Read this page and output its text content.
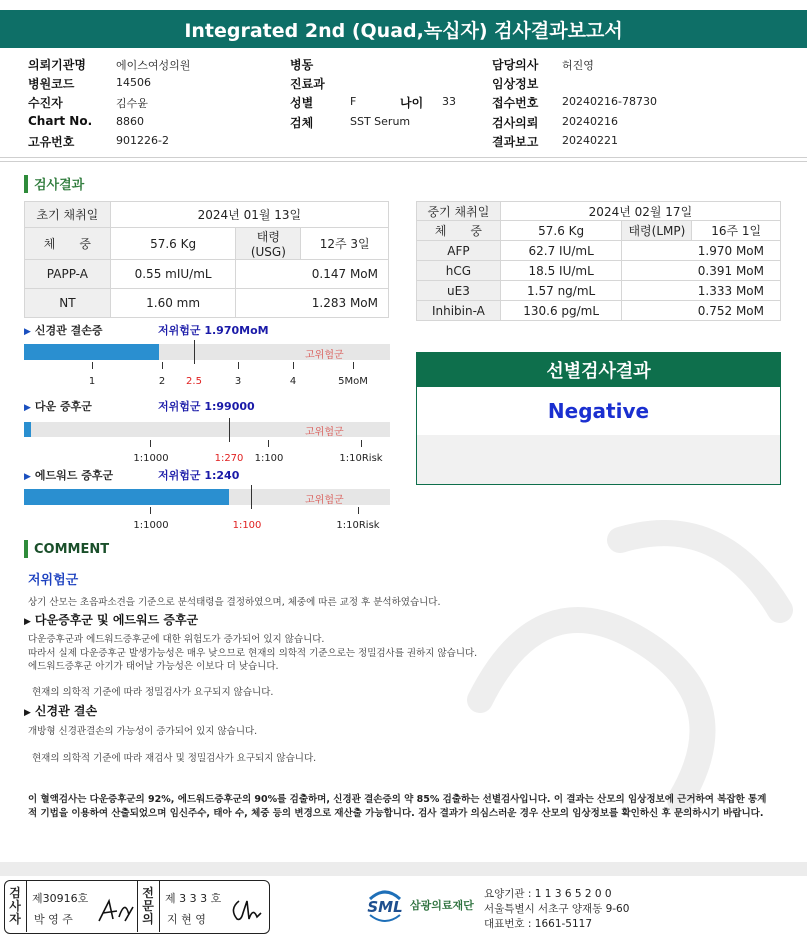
Integrated 2nd (Quad,녹십자) 검사결과보고서
의뢰기관명	에이스여성의원
병원코드	14506
수진자	김수윤
Chart No. 8860
고유번호	901226-2
병동
진료과
성별	F	나이 33
검체	SST Serum
담당의사 허진영
임상정보
접수번호 20240216-78730
검사의뢰 20240216
결과보고 20240221
검사결과
초기 채취일	2024년 01월 13일		
체　　중	57.6 Kg	태령(USG)	12주 3일
PAPP-A	0.55 mIU/mL	0.147 MoM	
NT	1.60 mm	1.283 MoM	
중기 채취일	2024년 02월 17일		
체　　중	57.6 Kg	태령(LMP)	16주 1일
AFP	62.7 IU/mL	1.970 MoM	
hCG	18.5 IU/mL	0.391 MoM	
uE3	1.57 ng/mL	1.333 MoM	
Inhibin-A	130.6 pg/mL	0.752 MoM	
▶ 신경관 결손증	저위험군 1.970MoM
고위험군
1	2 2.5	3	4	5MoM
▶ 다운 증후군	저위험군 1:99000
고위험군
1:1000	1:270 1:100	1:10Risk
▶ 에드워드 증후군	저위험군 1:240
고위험군
1:1000	1:100	1:10Risk
선별검사결과
Negative
COMMENT
저위험군
상기 산모는 초음파소견을 기준으로 분석태령을 결정하였으며, 체중에 따른 교정 후 분석하였습니다.
▶ 다운증후군 및 에드워드 증후군
다운증후군과 에드워드증후군에 대한 위험도가 증가되어 있지 않습니다.
따라서 실제 다운증후군 발생가능성은 매우 낮으므로 현재의 의학적 기준으로는 정밀검사를 권하지 않습니다.
에드워드증후군 아기가 태어날 가능성은 이보다 더 낮습니다.
현재의 의학적 기준에 따라 정밀검사가 요구되지 않습니다.
▶ 신경관 결손
개방형 신경관결손의 가능성이 증가되어 있지 않습니다.
현재의 의학적 기준에 따라 재검사 및 정밀검사가 요구되지 않습니다.
이 혈액검사는 다운증후군의 92%, 에드워드증후군의 90%를 검출하며, 신경관 결손증의 약 85% 검출하는 선별검사입니다. 이 결과는 산모의 임상정보에 근거하여 복잡한 통계
적 기법을 이용하여 산출되었으며 임신주수, 태아 수, 체중 등의 변경으로 재산출 가능합니다. 검사 결과가 의심스러운 경우 산모의 임상정보를 확인하신 후 문의하시기 바랍니다.
검사자
제30916호
박 영 주
전문의
제 3 3 3 호
지 현 영
SML 삼광의료재단
요양기관 : 1 1 3 6 5 2 0 0
서울특별시 서초구 양재동 9-60
대표번호 : 1661-5117
